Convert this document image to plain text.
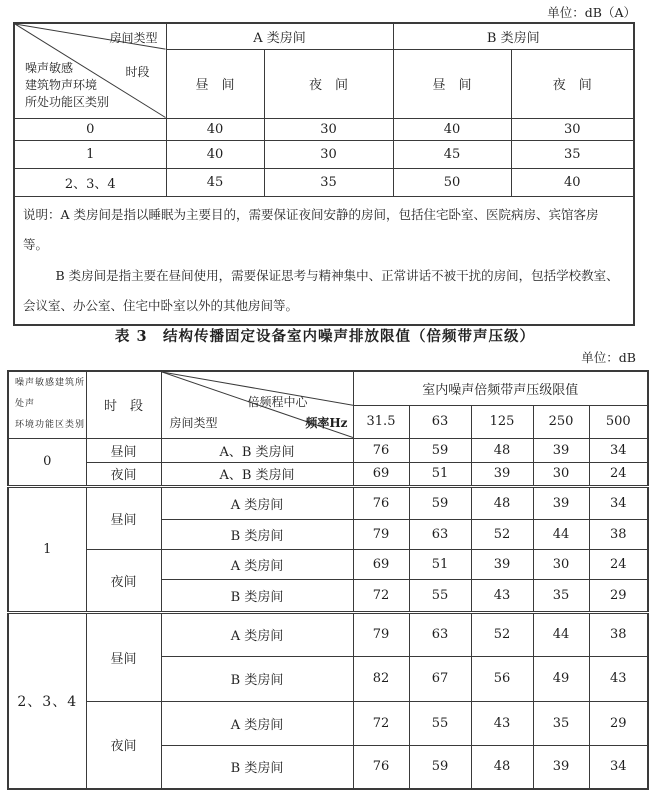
单位：dB（A）
房间类型
时段
噪声敏感
建筑物声环境
所处功能区类别	A 类房间		B 类房间	
	昼　间	夜　间	昼　间	夜　间
0	40	30	40	30
1	40	30	45	35
2、3、4	45	35	50	40

说明：A 类房间是指以睡眠为主要目的，需要保证夜间安静的房间，包括住宅卧室、医院病房、宾馆客房等。

B 类房间是指主要在昼间使用，需要保证思考与精神集中、正常讲话不被干扰的房间，包括学校教室、会议室、办公室、住宅中卧室以外的其他房间等。				

表 3　结构传播固定设备室内噪声排放限值（倍频带声压级）
单位：dB
噪声敏感建筑所处声
环境功能区类别	时　段	倍频程中心
频率Hz
房间类型	室内噪声倍频带声压级限值				
			31.5	63	125	250	500
0	昼间	A、B 类房间	76	59	48	39	34
	夜间	A、B 类房间	69	51	39	30	24
1	昼间	A 类房间	76	59	48	39	34
		B 类房间	79	63	52	44	38
	夜间	A 类房间	69	51	39	30	24
		B 类房间	72	55	43	35	29
2、3、4	昼间	A 类房间	79	63	52	44	38
		B 类房间	82	67	56	49	43
	夜间	A 类房间	72	55	43	35	29
		B 类房间	76	59	48	39	34
